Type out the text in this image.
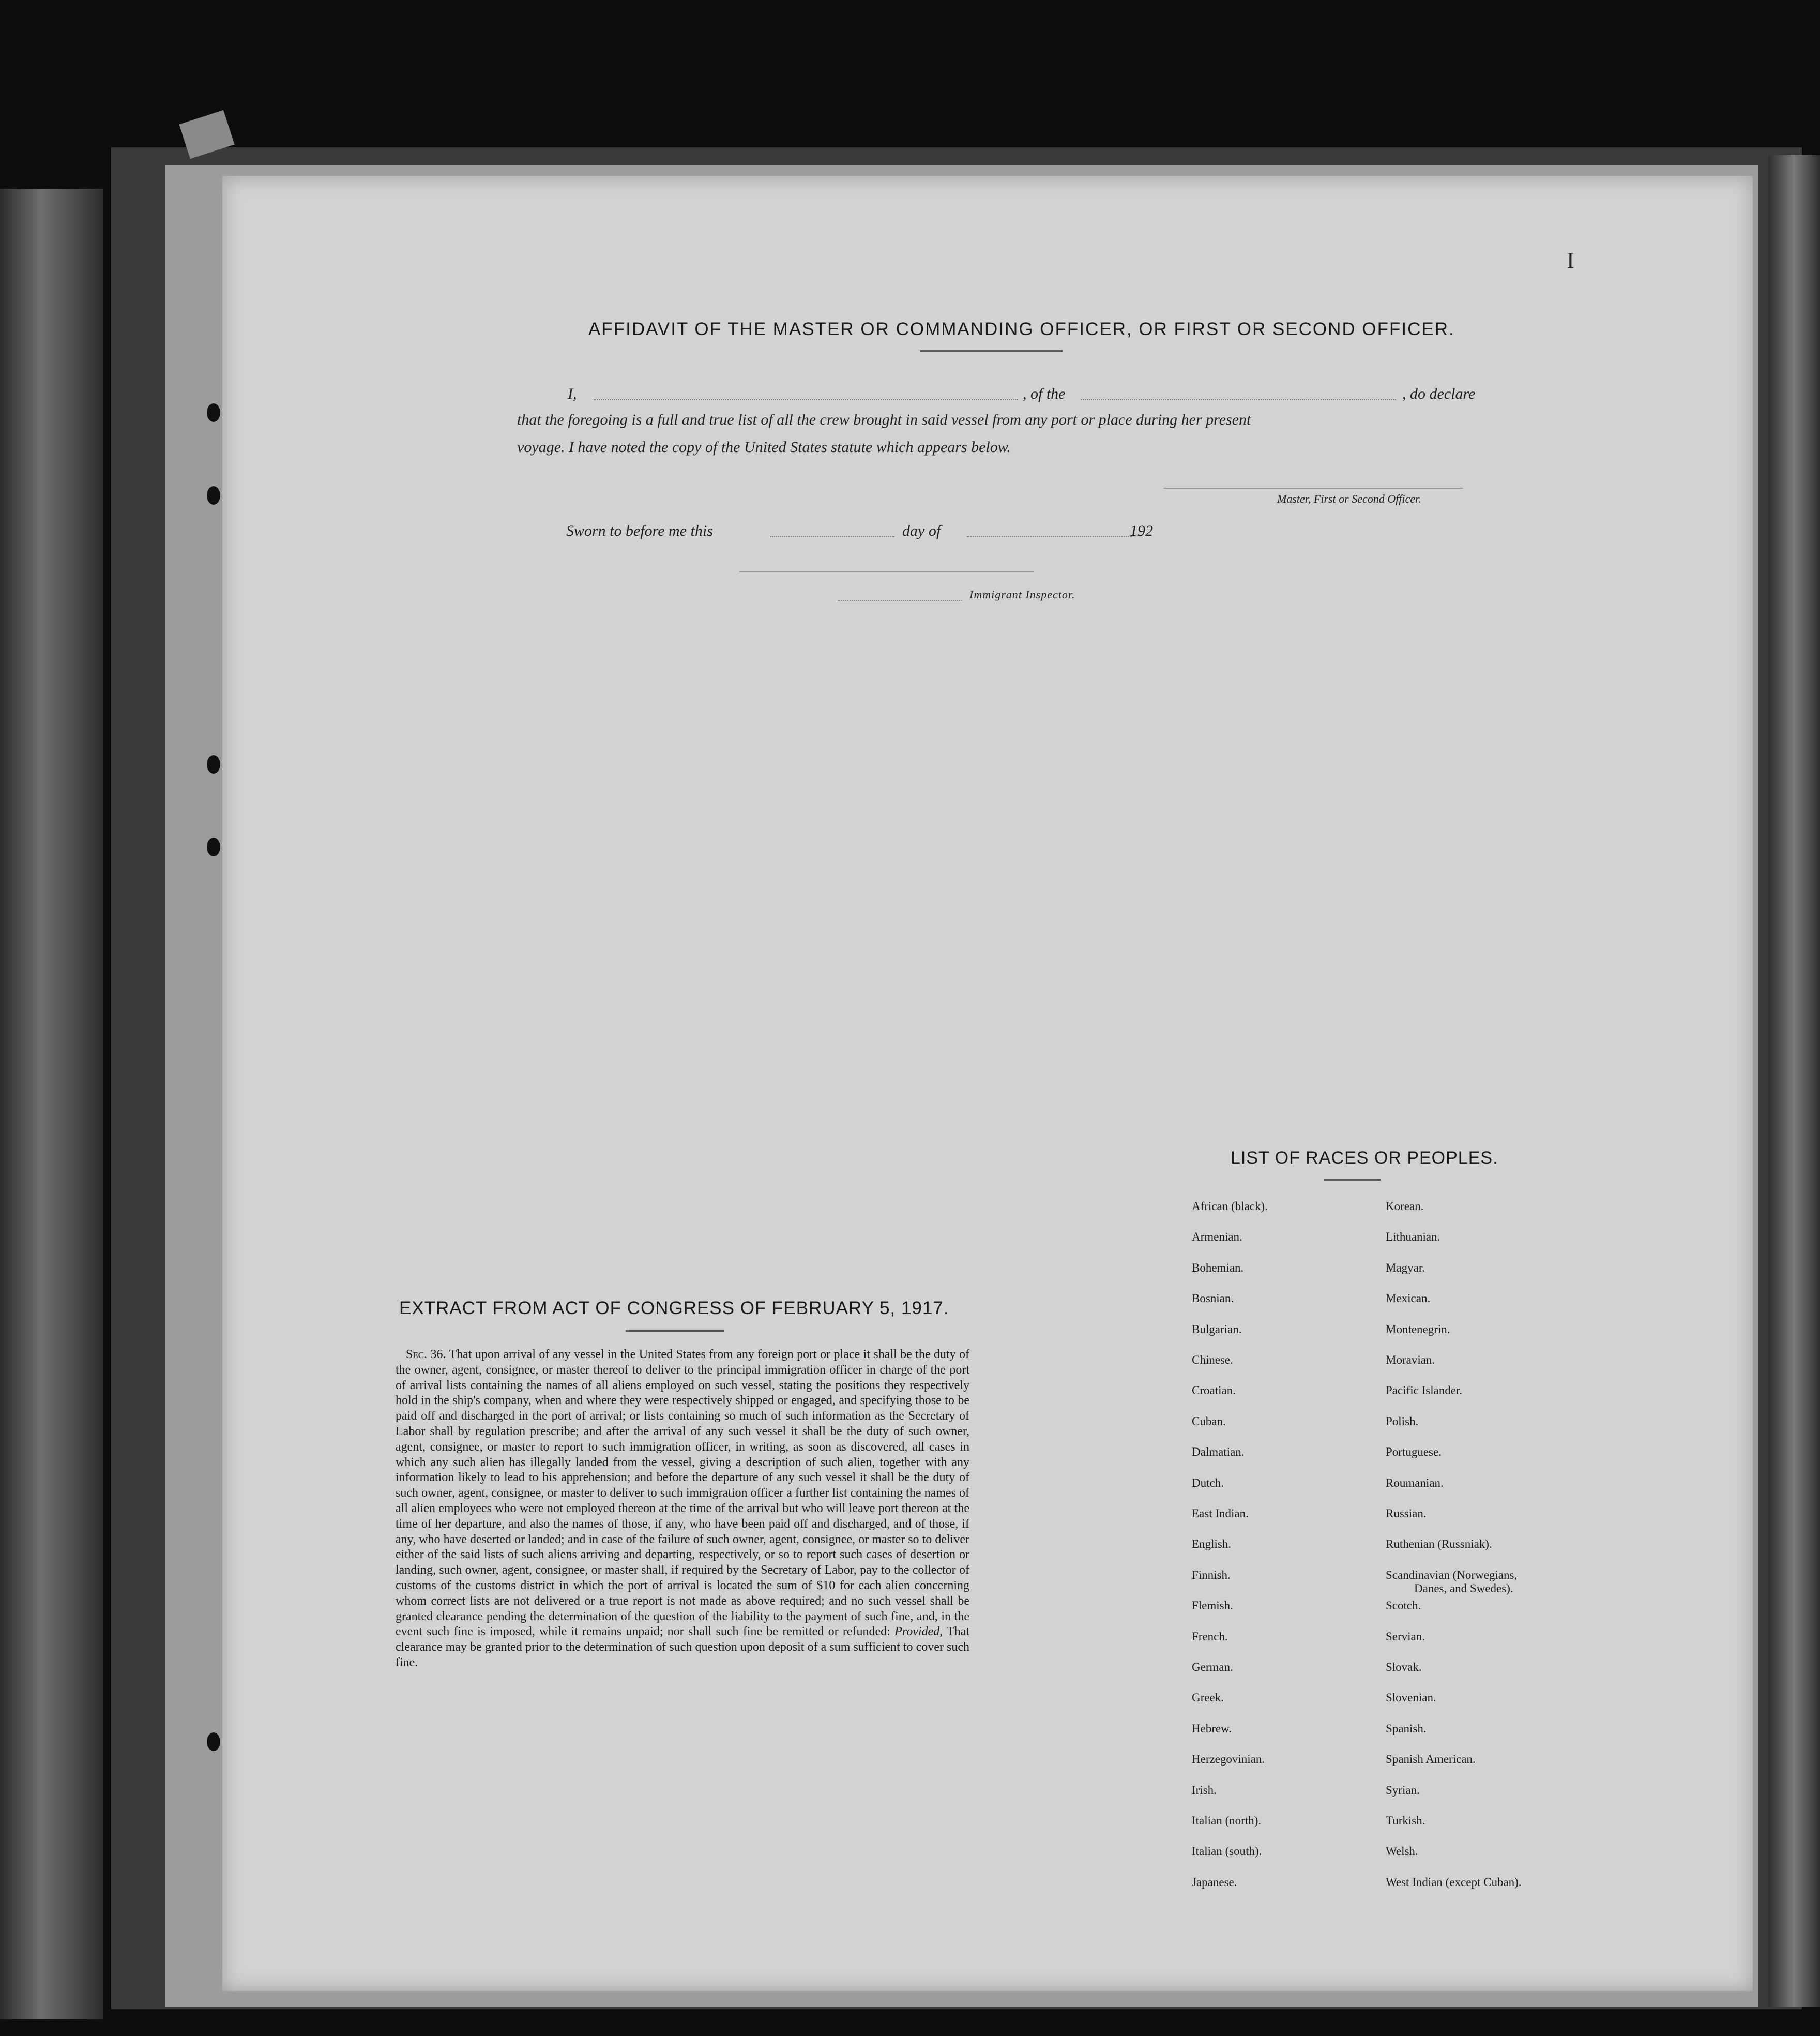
I
AFFIDAVIT OF THE MASTER OR COMMANDING OFFICER, OR FIRST OR SECOND OFFICER.
I,	, of the	, do declare
that the foregoing is a full and true list of all the crew brought in said vessel from any port or place during her present
voyage. I have noted the copy of the United States statute which appears below.
Master, First or Second Officer.
Sworn to before me this	day of	192
Immigrant Inspector.
EXTRACT FROM ACT OF CONGRESS OF FEBRUARY 5, 1917.
Sec. 36. That upon arrival of any vessel in the United States from any foreign port or place it shall be the duty of the owner, agent, consignee, or master thereof to deliver to the principal immigration officer in charge of the port of arrival lists containing the names of all aliens employed on such vessel, stating the positions they respectively hold in the ship's company, when and where they were respectively shipped or engaged, and specifying those to be paid off and discharged in the port of arrival; or lists containing so much of such information as the Secretary of Labor shall by regulation prescribe; and after the arrival of any such vessel it shall be the duty of such owner, agent, consignee, or master to report to such immigration officer, in writing, as soon as discovered, all cases in which any such alien has illegally landed from the vessel, giving a description of such alien, together with any information likely to lead to his apprehension; and before the departure of any such vessel it shall be the duty of such owner, agent, consignee, or master to deliver to such immigration officer a further list containing the names of all alien employees who were not employed thereon at the time of the arrival but who will leave port thereon at the time of her departure, and also the names of those, if any, who have been paid off and discharged, and of those, if any, who have deserted or landed; and in case of the failure of such owner, agent, consignee, or master so to deliver either of the said lists of such aliens arriving and departing, respectively, or so to report such cases of desertion or landing, such owner, agent, consignee, or master shall, if required by the Secretary of Labor, pay to the collector of customs of the customs district in which the port of arrival is located the sum of $10 for each alien concerning whom correct lists are not delivered or a true report is not made as above required; and no such vessel shall be granted clearance pending the determination of the question of the liability to the payment of such fine, and, in the event such fine is imposed, while it remains unpaid; nor shall such fine be remitted or refunded: Provided, That clearance may be granted prior to the determination of such question upon deposit of a sum sufficient to cover such fine.
LIST OF RACES OR PEOPLES.
African (black).	Korean.
Armenian.	Lithuanian.
Bohemian.	Magyar.
Bosnian.	Mexican.
Bulgarian.	Montenegrin.
Chinese.	Moravian.
Croatian.	Pacific Islander.
Cuban.	Polish.
Dalmatian.	Portuguese.
Dutch.	Roumanian.
East Indian.	Russian.
English.	Ruthenian (Russniak).
Finnish.	Scandinavian (Norwegians,
Danes, and Swedes).
Flemish.	Scotch.
French.	Servian.
German.	Slovak.
Greek.	Slovenian.
Hebrew.	Spanish.
Herzegovinian.	Spanish American.
Irish.	Syrian.
Italian (north).	Turkish.
Italian (south).	Welsh.
Japanese.	West Indian (except Cuban).
